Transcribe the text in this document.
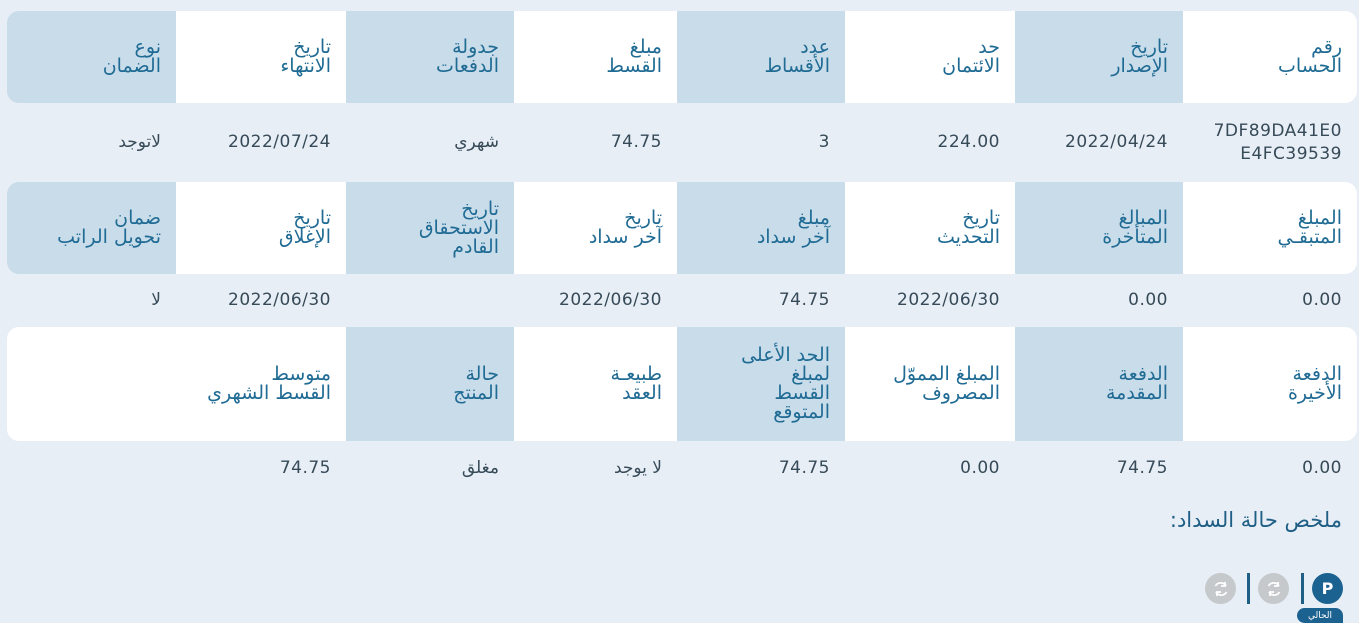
رقم
الحساب
تاريخ
الإصدار
حد
الائتمان
عدد
الأقساط
مبلغ
القسط
جدولة
الدفعات
تاريخ
الانتهاء
نوع
الضمان
7DF89DA41E0
E4FC39539
2022/04/24
224.00
3
74.75
شهري
2022/07/24
لاتوجد
المبلغ
المتبقـي
المبالغ
المتأخرة
تاريخ
التحديث
مبلغ
آخر سداد
تاريخ
آخر سداد
تاريخ
الاستحقاق
القادم
تاريخ
الإغلاق
ضمان
تحويل الراتب
0.00
0.00
2022/06/30
74.75
2022/06/30
2022/06/30
لا
الدفعة
الأخيرة
الدفعة
المقدمة
المبلغ المموّل
المصروف
الحد الأعلى
لمبلغ
القسط
المتوقع
طبيعـة
العقد
حالة
المنتج
متوسط
القسط الشهري
0.00
74.75
0.00
74.75
لا يوجد
مغلق
74.75
ملخص حالة السداد:
P
الحالي
